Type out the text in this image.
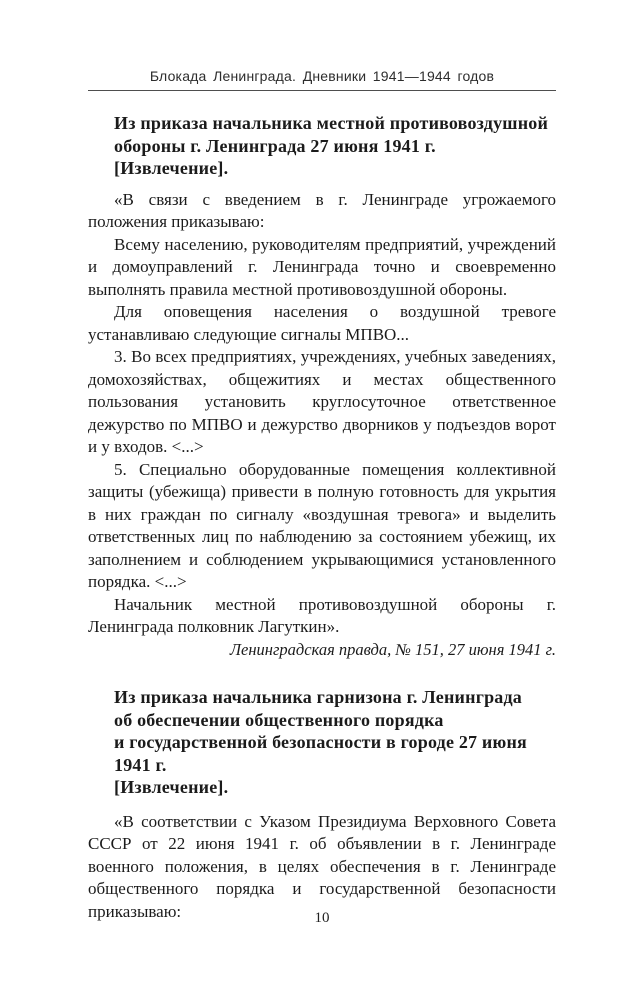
Блокада Ленинграда. Дневники 1941—1944 годов
Из приказа начальника местной противовоздушной
обороны г. Ленинграда 27 июня 1941 г.
[Извлечение].

«В связи с введением в г. Ленинграде угрожаемого положения приказываю:

Всему населению, руководителям предприятий, учреждений и домоуправлений г. Ленинграда точно и своевременно выполнять правила местной противовоздушной обороны.

Для оповещения населения о воздушной тревоге устанавливаю следующие сигналы МПВО...

3. Во всех предприятиях, учреждениях, учебных заведениях, домохозяйствах, общежитиях и местах общественного пользования установить круглосуточное ответственное дежурство по МПВО и дежурство дворников у подъездов ворот и у входов. <...>

5. Специально оборудованные помещения коллективной защиты (убежища) привести в полную готовность для укрытия в них граждан по сигналу «воздушная тревога» и выделить ответственных лиц по наблюдению за состоянием убежищ, их заполнением и соблюдением укрывающимися установленного порядка. <...>

Начальник местной противовоздушной обороны г. Ленинграда полковник Лагуткин».

Ленинградская правда, № 151, 27 июня 1941 г.

Из приказа начальника гарнизона г. Ленинграда
об обеспечении общественного порядка
и государственной безопасности в городе 27 июня
1941 г.
[Извлечение].

«В соответствии с Указом Президиума Верховного Совета СССР от 22 июня 1941 г. об объявлении в г. Ленинграде военного положения, в целях обеспечения в г. Ленинграде общественного порядка и государственной безопасности приказываю:	10
